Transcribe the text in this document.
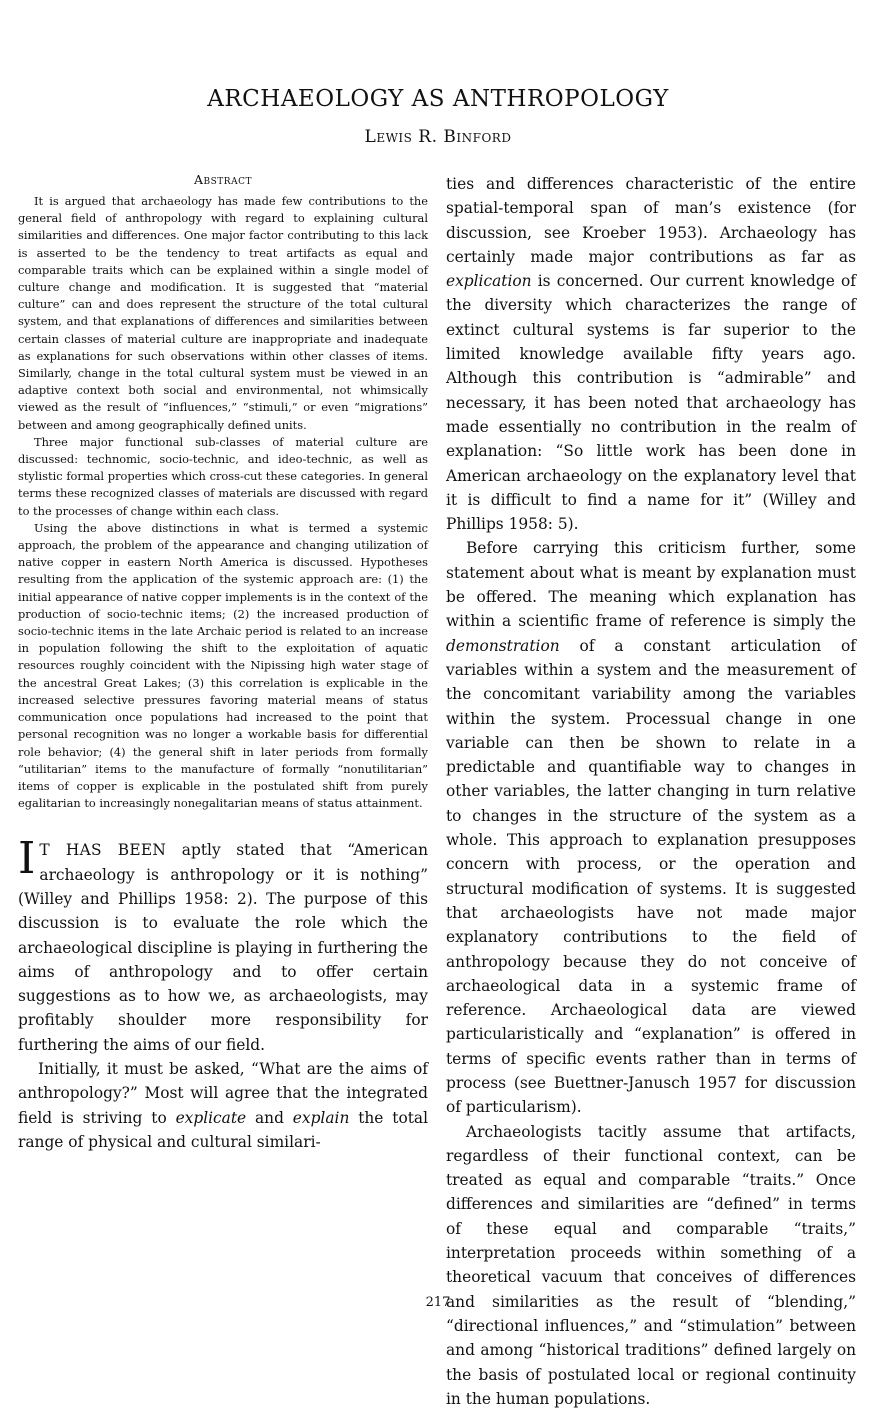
ARCHAEOLOGY AS ANTHROPOLOGY
Lewis R. Binford
Abstract

It is argued that archaeology has made few contributions to the general field of anthropology with regard to explaining cultural similarities and differences. One major factor contributing to this lack is asserted to be the tendency to treat artifacts as equal and comparable traits which can be explained within a single model of culture change and modification. It is suggested that “material culture” can and does represent the structure of the total cultural system, and that explanations of differences and similarities between certain classes of material culture are inappropriate and inadequate as explanations for such observations within other classes of items. Similarly, change in the total cultural system must be viewed in an adaptive context both social and environmental, not whimsically viewed as the result of “influences,” “stimuli,” or even “migrations” between and among geographically defined units.

Three major functional sub-classes of material culture are discussed: technomic, socio-technic, and ideo-technic, as well as stylistic formal properties which cross-cut these categories. In general terms these recognized classes of materials are discussed with regard to the processes of change within each class.

Using the above distinctions in what is termed a systemic approach, the problem of the appearance and changing utilization of native copper in eastern North America is discussed. Hypotheses resulting from the application of the systemic approach are: (1) the initial appearance of native copper implements is in the context of the production of socio-technic items; (2) the increased production of socio-technic items in the late Archaic period is related to an increase in population following the shift to the exploitation of aquatic resources roughly coincident with the Nipissing high water stage of the ancestral Great Lakes; (3) this correlation is explicable in the increased selective pressures favoring material means of status communication once populations had increased to the point that personal recognition was no longer a workable basis for differential role behavior; (4) the general shift in later periods from formally “utilitarian” items to the manufacture of formally “nonutilitarian” items of copper is explicable in the postulated shift from purely egalitarian to increasingly nonegalitarian means of status attainment.

I T HAS BEEN aptly stated that “American archaeology is anthropology or it is nothing” (Willey and Phillips 1958: 2). The purpose of this discussion is to evaluate the role which the archaeological discipline is playing in furthering the aims of anthropology and to offer certain suggestions as to how we, as archaeologists, may profitably shoulder more responsibility for furthering the aims of our field.

Initially, it must be asked, “What are the aims of anthropology?” Most will agree that the integrated field is striving to explicate and explain the total range of physical and cultural similari-

ties and differences characteristic of the entire spatial-temporal span of man’s existence (for discussion, see Kroeber 1953). Archaeology has certainly made major contributions as far as explication is concerned. Our current knowledge of the diversity which characterizes the range of extinct cultural systems is far superior to the limited knowledge available fifty years ago. Although this contribution is “admirable” and necessary, it has been noted that archaeology has made essentially no contribution in the realm of explanation: “So little work has been done in American archaeology on the explanatory level that it is difficult to find a name for it” (Willey and Phillips 1958: 5).

Before carrying this criticism further, some statement about what is meant by explanation must be offered. The meaning which explanation has within a scientific frame of reference is simply the demonstration of a constant articulation of variables within a system and the measurement of the concomitant variability among the variables within the system. Processual change in one variable can then be shown to relate in a predictable and quantifiable way to changes in other variables, the latter changing in turn relative to changes in the structure of the system as a whole. This approach to explanation presupposes concern with process, or the operation and structural modification of systems. It is suggested that archaeologists have not made major explanatory contributions to the field of anthropology because they do not conceive of archaeological data in a systemic frame of reference. Archaeological data are viewed particularistically and “explanation” is offered in terms of specific events rather than in terms of process (see Buettner-Janusch 1957 for discussion of particularism).

Archaeologists tacitly assume that artifacts, regardless of their functional context, can be treated as equal and comparable “traits.” Once differences and similarities are “defined” in terms of these equal and comparable “traits,” interpretation proceeds within something of a theoretical vacuum that conceives of differences and similarities as the result of “blending,” “directional influences,” and “stimulation” between and among “historical traditions” defined largely on the basis of postulated local or regional continuity in the human populations.

217
